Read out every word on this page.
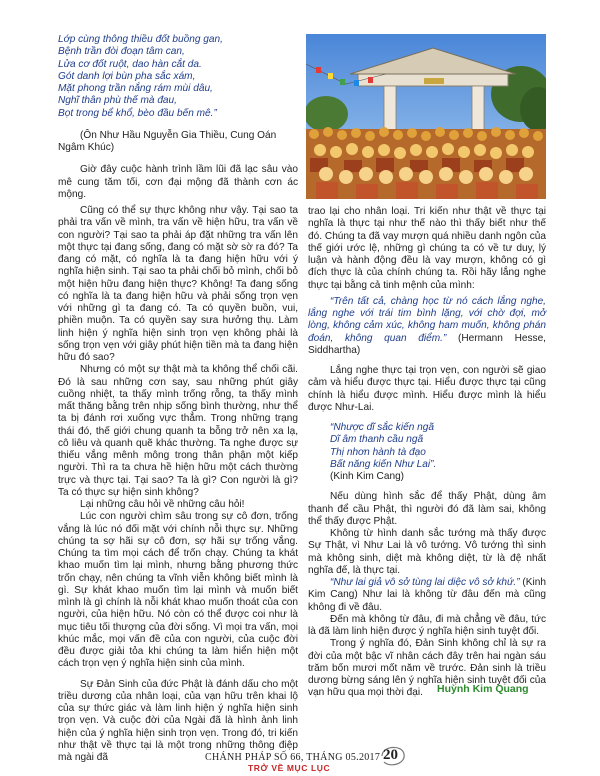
Lớp cùng thông thiều đốt buồng gan,
Bệnh trần đòi đoạn tâm can,
Lửa cơ đốt ruột, dao hàn cắt da.
Gót danh lợi bùn pha sắc xám,
Mặt phong trần nắng rám mùi dâu,
Nghĩ thân phù thế mà đau,
Bọt trong bể khổ, bèo đầu bến mê.”

(Ôn Như Hầu Nguyễn Gia Thiều, Cung Oán Ngâm Khúc)

Giờ đây cuộc hành trình lầm lũi đã lạc sâu vào mê cung tăm tối, cơn đại mộng đã thành cơn ác mộng.

Cũng có thể sự thực không như vậy. Tại sao ta phải tra vấn về mình, tra vấn về hiện hữu, tra vấn về con người? Tại sao ta phải áp đặt những tra vấn lên một thực tại đang sống, đang có mặt sờ sờ ra đó? Ta đang có mặt, có nghĩa là ta đang hiện hữu với ý nghĩa hiện sinh. Tại sao ta phải chối bỏ mình, chối bỏ một hiện hữu đang hiện thực? Không! Ta đang sống có nghĩa là ta đang hiện hữu và phải sống trọn vẹn với những gì ta đang có. Ta có quyền buồn, vui, phiền muộn. Ta có quyền say sưa hưởng thụ. Làm linh hiện ý nghĩa hiện sinh trọn vẹn không phải là sống trọn vẹn với giây phút hiện tiền mà ta đang hiện hữu đó sao?

Nhưng có một sự thật mà ta không thể chối cãi. Đó là sau những cơn say, sau những phút giây cuồng nhiệt, ta thấy mình trống rỗng, ta thấy mình mất thăng bằng trên nhịp sống bình thường, như thể ta bị đánh rơi xuống vực thẳm. Trong những trạng thái đó, thế giới chung quanh ta bỗng trở nên xa lạ, cô liêu và quanh quẽ khác thường. Ta nghe được sự thiếu vắng mênh mông trong thân phận một kiếp người. Thì ra ta chưa hề hiện hữu một cách thường trực và thực tại. Tại sao? Ta là gì? Con người là gì? Ta có thực sự hiện sinh không?

Lại những câu hỏi về những câu hỏi!

Lúc con người chìm sâu trong sự cô đơn, trống vắng là lúc nó đối mặt với chính nỗi thực sự. Những chúng ta sợ hãi sự cô đơn, sợ hãi sự trống vắng. Chúng ta tìm mọi cách để trốn chạy. Chúng ta khát khao muốn tìm lại mình, nhưng bằng phương thức trốn chạy, nên chúng ta vĩnh viễn không biết mình là gì. Sự khát khao muốn tìm lại mình và muốn biết mình là gì chính là nỗi khát khao muốn thoát của con người, của hiện hữu. Nó còn có thể được coi như là mục tiêu tối thượng của đời sống. Vì mọi tra vấn, mọi khúc mắc, mọi vấn đề của con người, của cuộc đời đều được giải tỏa khi chúng ta làm hiển hiện một cách trọn vẹn ý nghĩa hiện sinh của mình.

Sự Đản Sinh của đức Phật là đánh dấu cho một triều dương của nhân loại, của vạn hữu trên khai lộ của sự thức giác và làm linh hiện ý nghĩa hiện sinh trọn vẹn. Và cuộc đời của Ngài đã là hình ảnh linh hiện của ý nghĩa hiện sinh trọn vẹn. Trong đó, tri kiến như thật về thực tại là một trong những thông điệp mà ngài đã

trao lại cho nhân loại. Tri kiến như thật về thực tại nghĩa là thực tại như thế nào thì thấy biết như thế đó. Chúng ta đã vay mượn quá nhiều danh ngôn của thế giới ước lệ, những gì chúng ta có về tư duy, lý luận và hành động đều là vay mượn, không có gì đích thực là của chính chúng ta. Rồi hãy lắng nghe thực tại bằng cả tinh mệnh của mình:

“Trên tất cả, chàng học từ nó cách lắng nghe, lắng nghe với trái tim bình lặng, với chờ đợi, mở lòng, không cảm xúc, không ham muốn, không phán đoán, không quan điểm.” (Hermann Hesse, Siddhartha)

Lắng nghe thực tại trọn vẹn, con người sẽ giao cảm và hiểu được thực tại. Hiểu được thực tại cũng chính là hiểu được mình. Hiểu được mình là hiểu được Như-Lai.

“Nhược dĩ sắc kiến ngã
Dĩ âm thanh cầu ngã
Thị nhơn hành tà đạo
Bất năng kiến Như Lai”.

(Kinh Kim Cang)

Nếu dùng hình sắc để thấy Phật, dùng âm thanh để cầu Phật, thì người đó đã làm sai, không thể thấy được Phật.

Không từ hình danh sắc tướng mà thấy được Sự Thật, vì Như Lai là vô tướng. Vô tướng thì sinh mà không sinh, diệt mà không diệt, từ là đệ nhất nghĩa đế, là thực tại.

“Như lai giả vô sở tùng lai diệc vô sở khứ.” (Kinh Kim Cang) Như lai là không từ đâu đến mà cũng không đi về đâu.

Đến mà không từ đâu, đi mà chẳng về đâu, tức là đã làm linh hiện được ý nghĩa hiện sinh tuyệt đối.

Trong ý nghĩa đó, Đản Sinh không chỉ là sự ra đời của một bậc vĩ nhân cách đây trên hai ngàn sáu trăm bốn mươi mốt năm về trước. Đản sinh là triều dương bừng sáng lên ý nghĩa hiện sinh tuyệt đối của vạn hữu qua mọi thời đại.	Huỳnh Kim Quang
CHÁNH PHÁP SỐ 66, THÁNG 05.2017 20
TRỞ VỀ MỤC LỤC
